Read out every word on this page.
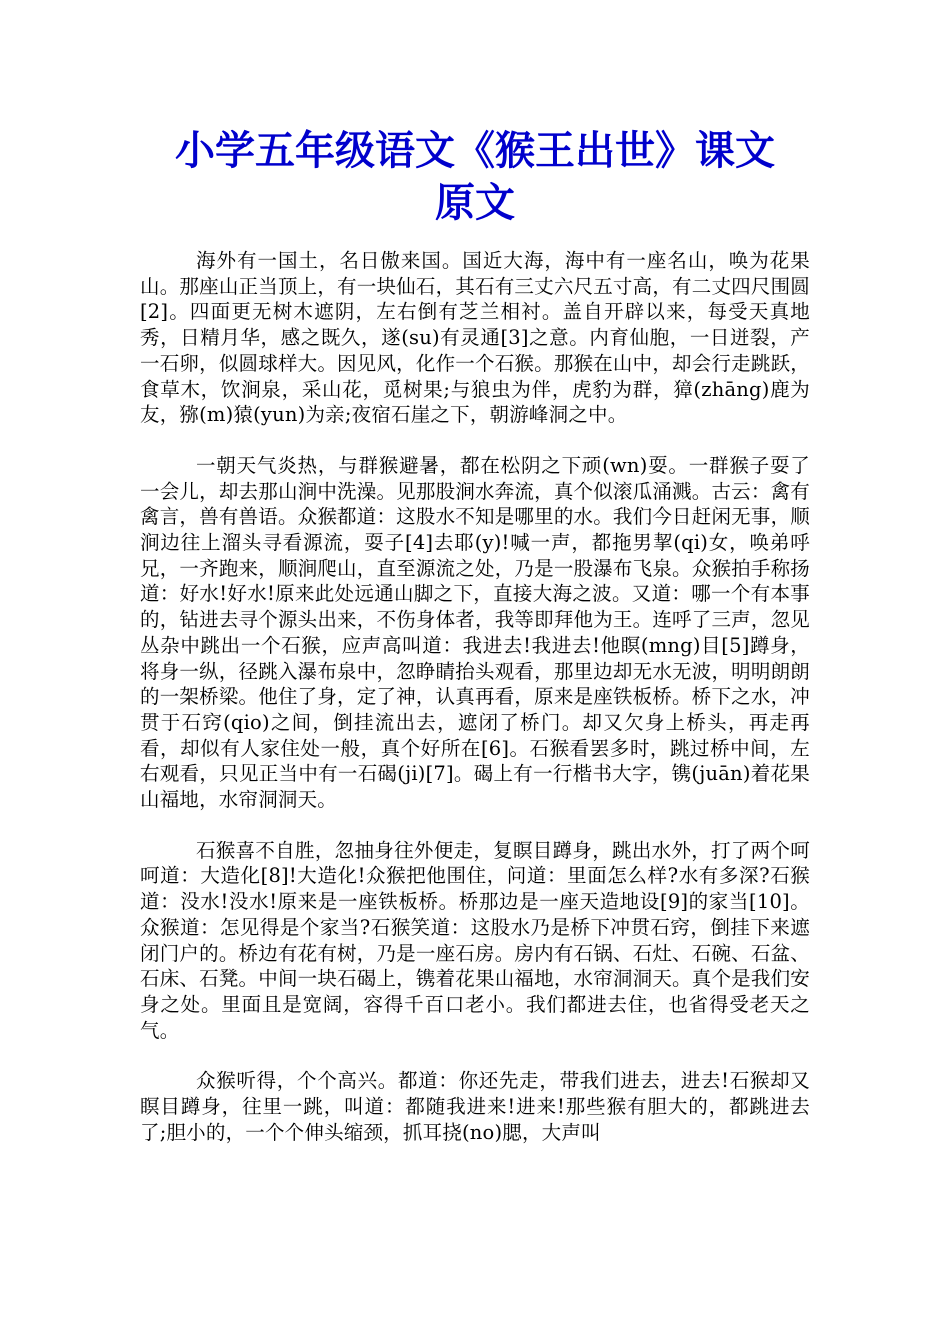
小学五年级语文《猴王出世》课文
原文

海外有一国土，名日傲来国。国近大海，海中有一座名山，唤为花果山。那座山正当顶上，有一块仙石，其石有三丈六尺五寸高，有二丈四尺围圆[2]。四面更无树木遮阴，左右倒有芝兰相衬。盖自开辟以来，每受天真地秀，日精月华，感之既久，遂(su)有灵通[3]之意。内育仙胞，一日迸裂，产一石卵，似圆球样大。因见风，化作一个石猴。那猴在山中，却会行走跳跃，食草木，饮涧泉，采山花，觅树果;与狼虫为伴，虎豹为群，獐(zhāng)鹿为友，猕(m)猿(yun)为亲;夜宿石崖之下，朝游峰洞之中。

一朝天气炎热，与群猴避暑，都在松阴之下顽(wn)耍。一群猴子耍了一会儿，却去那山涧中洗澡。见那股涧水奔流，真个似滚瓜涌溅。古云：禽有禽言，兽有兽语。众猴都道：这股水不知是哪里的水。我们今日赶闲无事，顺涧边往上溜头寻看源流，耍子[4]去耶(y)!喊一声，都拖男挈(qi)女，唤弟呼兄，一齐跑来，顺涧爬山，直至源流之处，乃是一股瀑布飞泉。众猴拍手称扬道：好水!好水!原来此处远通山脚之下，直接大海之波。又道：哪一个有本事的，钻进去寻个源头出来，不伤身体者，我等即拜他为王。连呼了三声，忽见丛杂中跳出一个石猴，应声高叫道：我进去!我进去!他瞑(mng)目[5]蹲身，将身一纵，径跳入瀑布泉中，忽睁睛抬头观看，那里边却无水无波，明明朗朗的一架桥梁。他住了身，定了神，认真再看，原来是座铁板桥。桥下之水，冲贯于石窍(qio)之间，倒挂流出去，遮闭了桥门。却又欠身上桥头，再走再看，却似有人家住处一般，真个好所在[6]。石猴看罢多时，跳过桥中间，左右观看，只见正当中有一石碣(ji)[7]。碣上有一行楷书大字，镌(juān)着花果山福地，水帘洞洞天。

石猴喜不自胜，忽抽身往外便走，复瞑目蹲身，跳出水外，打了两个呵呵道：大造化[8]!大造化!众猴把他围住，问道：里面怎么样?水有多深?石猴道：没水!没水!原来是一座铁板桥。桥那边是一座天造地设[9]的家当[10]。众猴道：怎见得是个家当?石猴笑道：这股水乃是桥下冲贯石窍，倒挂下来遮闭门户的。桥边有花有树，乃是一座石房。房内有石锅、石灶、石碗、石盆、石床、石凳。中间一块石碣上，镌着花果山福地，水帘洞洞天。真个是我们安身之处。里面且是宽阔，容得千百口老小。我们都进去住，也省得受老天之气。

众猴听得，个个高兴。都道：你还先走，带我们进去，进去!石猴却又瞑目蹲身，往里一跳，叫道：都随我进来!进来!那些猴有胆大的，都跳进去了;胆小的，一个个伸头缩颈，抓耳挠(no)腮，大声叫
